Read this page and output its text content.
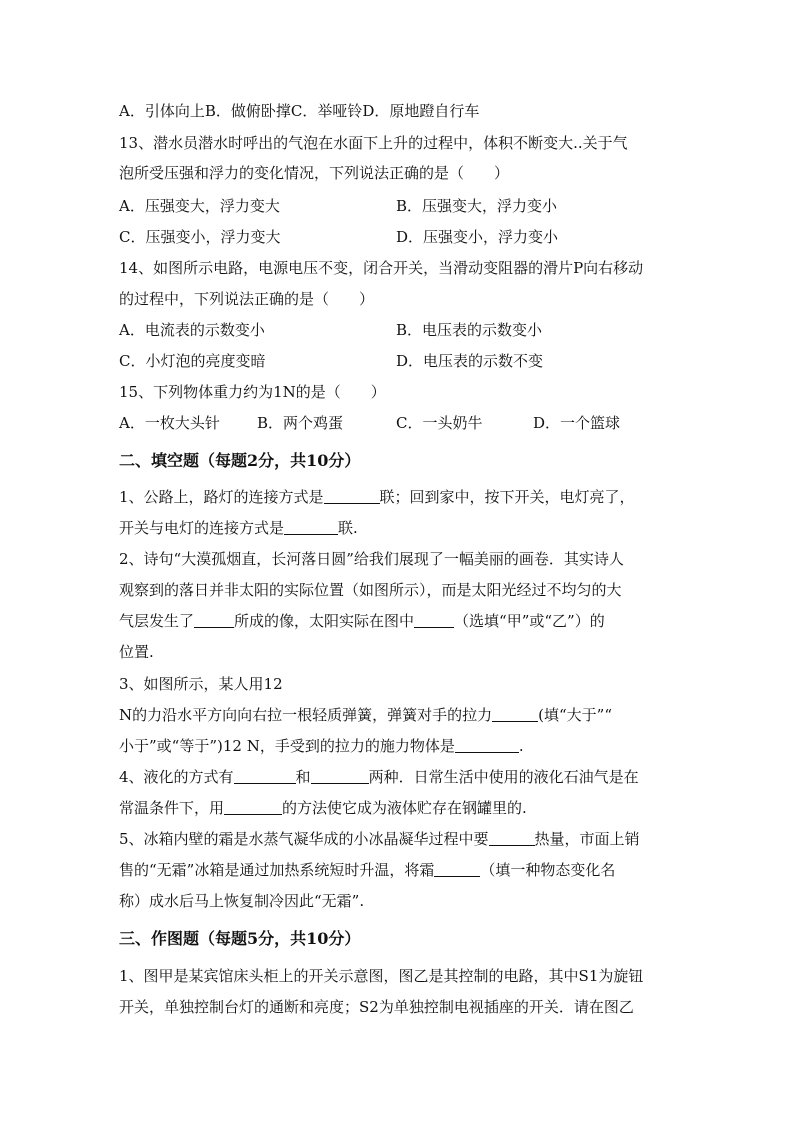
A．引体向上B．做俯卧撑C．举哑铃D．原地蹬自行车
13、潜水员潜水时呼出的气泡在水面下上升的过程中，体积不断变大..关于气
泡所受压强和浮力的变化情况，下列说法正确的是（　　）
A．压强变大，浮力变大	B．压强变大，浮力变小
C．压强变小，浮力变大	D．压强变小，浮力变小
14、如图所示电路，电源电压不变，闭合开关，当滑动变阻器的滑片P向右移动
的过程中，下列说法正确的是（　　）
A．电流表的示数变小	B．电压表的示数变小
C．小灯泡的亮度变暗	D．电压表的示数不变
15、下列物体重力约为1N的是（　　）
A．一枚大头针 B．两个鸡蛋	C．一头奶牛	D．一个篮球
二、填空题（每题2分，共10分）
1、公路上，路灯的连接方式是	联；回到家中，按下开关，电灯亮了，
开关与电灯的连接方式是	联.
2、诗句“大漠孤烟直，长河落日圆”给我们展现了一幅美丽的画卷．其实诗人
观察到的落日并非太阳的实际位置（如图所示），而是太阳光经过不均匀的大
气层发生了	所成的像，太阳实际在图中	（选填“甲”或“乙”）的
位置.
3、如图所示，某人用12
N的力沿水平方向向右拉一根轻质弹簧，弹簧对手的拉力	(填“大于”“
小于”或“等于”)12 N，手受到的拉力的施力物体是	.
4、液化的方式有	和	两种．日常生活中使用的液化石油气是在
常温条件下，用	的方法使它成为液体贮存在钢罐里的.
5、冰箱内壁的霜是水蒸气凝华成的小冰晶凝华过程中要	热量，市面上销
售的“无霜”冰箱是通过加热系统短时升温，将霜	（填一种物态变化名
称）成水后马上恢复制冷因此“无霜”.
三、作图题（每题5分，共10分）
1、图甲是某宾馆床头柜上的开关示意图，图乙是其控制的电路，其中S1为旋钮
开关，单独控制台灯的通断和亮度；S2为单独控制电视插座的开关．请在图乙
